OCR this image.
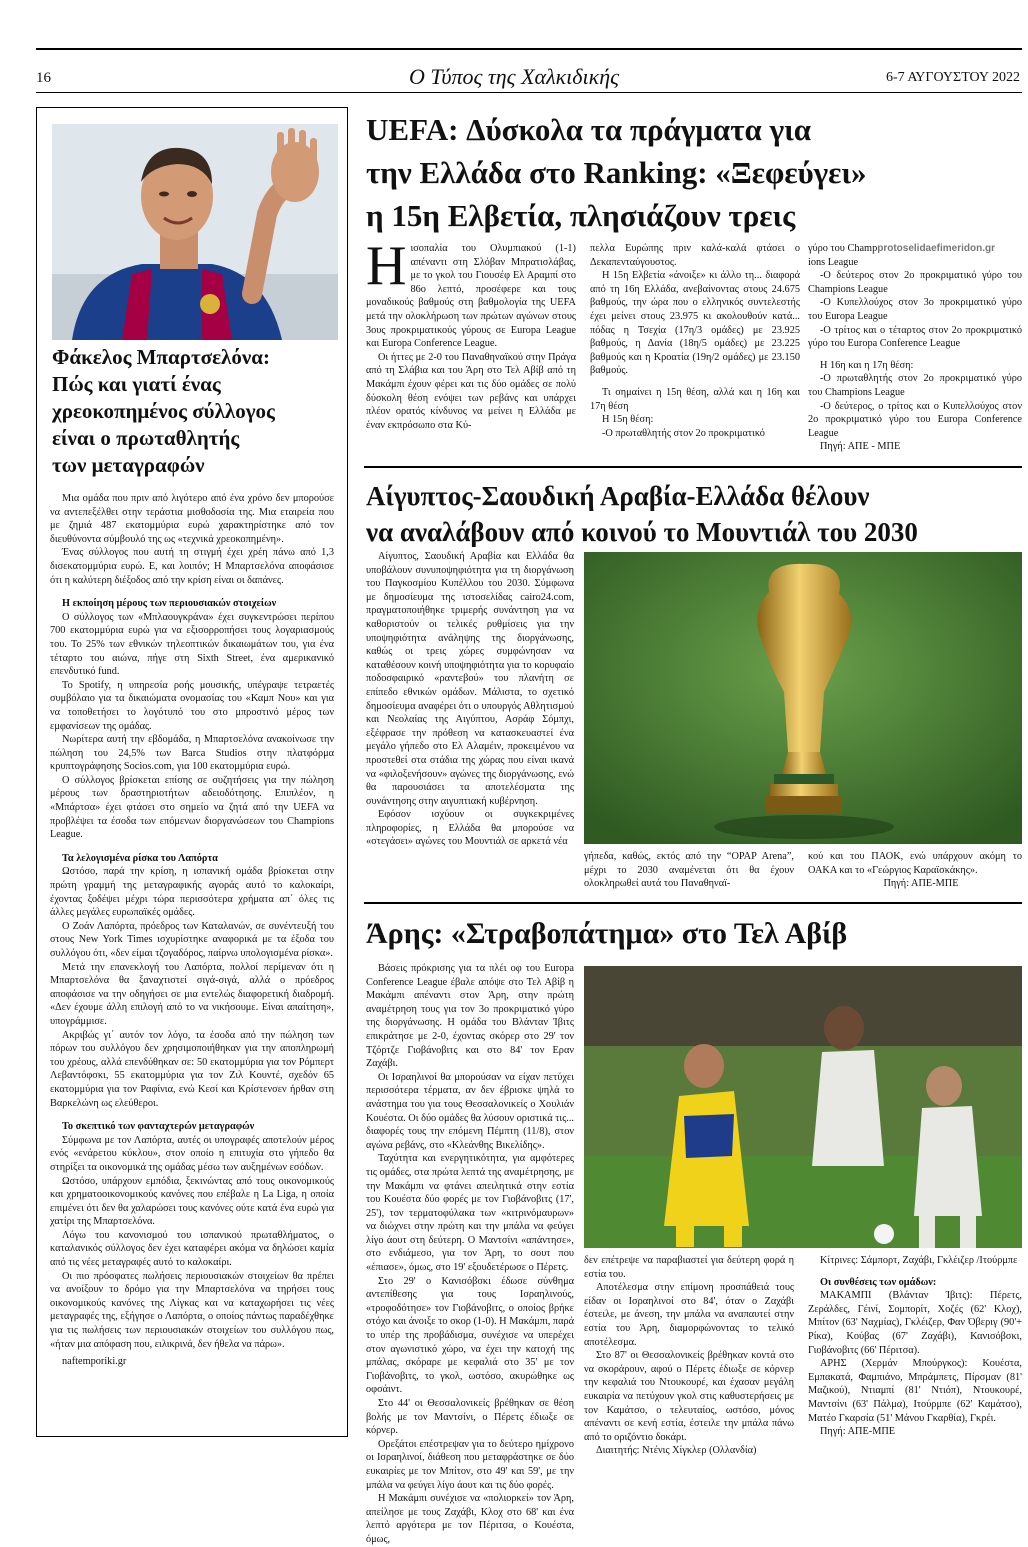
16	Ο Τύπος της Χαλκιδικής	6-7 ΑΥΓΟΥΣΤΟΥ 2022
Φάκελος Μπαρτσελόνα:
Πώς και γιατί ένας
χρεοκοπημένος σύλλογος
είναι ο πρωταθλητής
των μεταγραφών

Μια ομάδα που πριν από λιγότερο από ένα χρόνο δεν μπορούσε να αντεπεξέλθει στην τεράστια μισθοδοσία της. Μια εταιρεία που με ζημιά 487 εκατομμύρια ευρώ χαρακτηρίστηκε από τον διευθύνοντα σύμβουλό της ως «τεχνικά χρεοκοπημένη».

Ένας σύλλογος που αυτή τη στιγμή έχει χρέη πάνω από 1,3 δισεκατομμύρια ευρώ. Ε, και λοιπόν; Η Μπαρτσελόνα αποφάσισε ότι η καλύτερη διέξοδος από την κρίση είναι οι δαπάνες.

Η εκποίηση μέρους των περιουσιακών στοιχείων

Ο σύλλογος των «Μπλαουγκράνα» έχει συγκεντρώσει περίπου 700 εκατομμύρια ευρώ για να εξισορροπήσει τους λογαριασμούς του. Το 25% των εθνικών τηλεοπτικών δικαιωμάτων του, για ένα τέταρτο του αιώνα, πήγε στη Sixth Street, ένα αμερικανικό επενδυτικό fund.

Το Spotify, η υπηρεσία ροής μουσικής, υπέγραψε τετραετές συμβόλαιο για τα δικαιώματα ονομασίας του «Καμπ Νου» και για να τοποθετήσει το λογότυπό του στο μπροστινό μέρος των εμφανίσεων της ομάδας.

Νωρίτερα αυτή την εβδομάδα, η Μπαρτσελόνα ανακοίνωσε την πώληση του 24,5% των Barca Studios στην πλατφόρμα κρυπτογράφησης Socios.com, για 100 εκατομμύρια ευρώ.

Ο σύλλογος βρίσκεται επίσης σε συζητήσεις για την πώληση μέρους των δραστηριοτήτων αδειοδότησης. Επιπλέον, η «Μπάρτσα» έχει φτάσει στο σημείο να ζητά από την UEFA να προβλέψει τα έσοδα των επόμενων διοργανώσεων του Champions League.

Τα λελογισμένα ρίσκα του Λαπόρτα

Ωστόσο, παρά την κρίση, η ισπανική ομάδα βρίσκεται στην πρώτη γραμμή της μεταγραφικής αγοράς αυτό το καλοκαίρι, έχοντας ξοδέψει μέχρι τώρα περισσότερα χρήματα απ΄ όλες τις άλλες μεγάλες ευρωπαϊκές ομάδες.

Ο Ζοάν Λαπόρτα, πρόεδρος των Καταλανών, σε συνέντευξή του στους New York Times ισχυρίστηκε αναφορικά με τα έξοδα του συλλόγου ότι, «δεν είμαι τζογαδόρος, παίρνω υπολογισμένα ρίσκα».

Μετά την επανεκλογή του Λαπόρτα, πολλοί περίμεναν ότι η Μπαρτσελόνα θα ξαναχτιστεί σιγά-σιγά, αλλά ο πρόεδρος αποφάσισε να την οδηγήσει σε μια εντελώς διαφορετική διαδρομή. «Δεν έχουμε άλλη επιλογή από το να νικήσουμε. Είναι απαίτηση», υπογράμμισε.

Ακριβώς γι΄ αυτόν τον λόγο, τα έσοδα από την πώληση των πόρων του συλλόγου δεν χρησιμοποιήθηκαν για την αποπληρωμή του χρέους, αλλά επενδύθηκαν σε: 50 εκατομμύρια για τον Ρόμπερτ Λεβαντόφσκι, 55 εκατομμύρια για τον Ζιλ Κουντέ, σχεδόν 65 εκατομμύρια για τον Ραφίνια, ενώ Κεσί και Κρίστενσεν ήρθαν στη Βαρκελώνη ως ελεύθεροι.

Το σκεπτικό των φανταχτερών μεταγραφών

Σύμφωνα με τον Λαπόρτα, αυτές οι υπογραφές αποτελούν μέρος ενός «ενάρετου κύκλου», στον οποίο η επιτυχία στο γήπεδο θα στηρίξει τα οικονομικά της ομάδας μέσω των αυξημένων εσόδων.

Ωστόσο, υπάρχουν εμπόδια, ξεκινώντας από τους οικονομικούς και χρηματοοικονομικούς κανόνες που επέβαλε η La Liga, η οποία επιμένει ότι δεν θα χαλαρώσει τους κανόνες ούτε κατά ένα ευρώ για χατίρι της Μπαρτσελόνα.

Λόγω του κανονισμού του ισπανικού πρωταθλήματος, ο καταλανικός σύλλογος δεν έχει καταφέρει ακόμα να δηλώσει καμία από τις νέες μεταγραφές αυτό το καλοκαίρι.

Οι πιο πρόσφατες πωλήσεις περιουσιακών στοιχείων θα πρέπει να ανοίξουν το δρόμο για την Μπαρτσελόνα να τηρήσει τους οικονομικούς κανόνες της Λίγκας και να καταχωρήσει τις νέες μεταγραφές της, εξήγησε ο Λαπόρτα, ο οποίος πάντως παραδέχθηκε για τις πωλήσεις των περιουσιακών στοιχείων του συλλόγου πως, «ήταν μια απόφαση που, ειλικρινά, δεν ήθελα να πάρω».

naftemporiki.gr

UEFA: Δύσκολα τα πράγματα για
την Ελλάδα στο Ranking: «Ξεφεύγει»
η 15η Ελβετία, πλησιάζουν τρεις

Ηισοπαλία του Ολυμπιακού (1-1) απέναντι στη Σλόβαν Μπρατισλάβας, με το γκολ του Γιουσέφ Ελ Αραμπί στο 86ο λεπτό, προσέφερε και τους μοναδικούς βαθμούς στη βαθμολογία της UEFA μετά την ολοκλήρωση των πρώτων αγώνων στους 3ους προκριματικούς γύρους σε Europa League και Europa Conference League.

Οι ήττες με 2-0 του Παναθηναϊκού στην Πράγα από τη Σλάβια και του Άρη στο Τελ Αβίβ από τη Μακάμπι έχουν φέρει και τις δύο ομάδες σε πολύ δύσκολη θέση ενόψει των ρεβάνς και υπάρχει πλέον ορατός κίνδυνος να μείνει η Ελλάδα με έναν εκπρόσωπο στα Κύ-

πελλα Ευρώπης πριν καλά-καλά φτάσει ο Δεκαπενταύγουστος.

Η 15η Ελβετία «άνοιξε» κι άλλο τη... διαφορά από τη 16η Ελλάδα, ανεβαίνοντας στους 24.675 βαθμούς, την ώρα που ο ελληνικός συντελεστής έχει μείνει στους 23.975 κι ακολουθούν κατά... πόδας η Τσεχία (17η/3 ομάδες) με 23.925 βαθμούς, η Δανία (18η/5 ομάδες) με 23.225 βαθμούς και η Κροατία (19η/2 ομάδες) με 23.150 βαθμούς.

Τι σημαίνει η 15η θέση, αλλά και η 16η και 17η θέση

Η 15η θέση:

-Ο πρωταθλητής στον 2ο προκριματικό

γύρο του Champprotoselidaefimeridon.gr

ions League

-Ο δεύτερος στον 2ο προκριματικό γύρο του Champions League

-Ο Κυπελλούχος στον 3ο προκριματικό γύρο του Europa League

-Ο τρίτος και ο τέταρτος στον 2ο προκριματικό γύρο του Europa Conference League

Η 16η και η 17η θέση:

-Ο πρωταθλητής στον 2ο προκριματικό γύρο του Champions League

-Ο δεύτερος, ο τρίτος και ο Κυπελλούχος στον 2ο προκριματικό γύρο του Europa Conference League

Πηγή: ΑΠΕ - ΜΠΕ

Αίγυπτος-Σαουδική Αραβία-Ελλάδα θέλουν
να αναλάβουν από κοινού το Μουντιάλ του 2030

Αίγυπτος, Σαουδική Αραβία και Ελλάδα θα υποβάλουν συνυποψηφιότητα για τη διοργάνωση του Παγκοσμίου Κυπέλλου του 2030. Σύμφωνα με δημοσίευμα της ιστοσελίδας cairo24.com, πραγματοποιήθηκε τριμερής συνάντηση για να καθοριστούν οι τελικές ρυθμίσεις για την υποψηφιότητα ανάληψης της διοργάνωσης, καθώς οι τρεις χώρες συμφώνησαν να καταθέσουν κοινή υποψηφιότητα για το κορυφαίο ποδοσφαιρικό «ραντεβού» του πλανήτη σε επίπεδο εθνικών ομάδων. Μάλιστα, το σχετικό δημοσίευμα αναφέρει ότι ο υπουργός Αθλητισμού και Νεολαίας της Αιγύπτου, Ασράφ Σόμπχι, εξέφρασε την πρόθεση να κατασκευαστεί ένα μεγάλο γήπεδο στο Ελ Αλαμέιν, προκειμένου να προστεθεί στα στάδια της χώρας που είναι ικανά να «φιλοξενήσουν» αγώνες της διοργάνωσης, ενώ θα παρουσιάσει τα αποτελέσματα της συνάντησης στην αιγυπτιακή κυβέρνηση.

Εφόσον ισχύουν οι συγκεκριμένες πληροφορίες, η Ελλάδα θα μπορούσε να «στεγάσει» αγώνες του Μουντιάλ σε αρκετά νέα

γήπεδα, καθώς, εκτός από την “OPAP Arena”, μέχρι το 2030 αναμένεται ότι θα έχουν ολοκληρωθεί αυτά του Παναθηναϊ-

κού και του ΠΑΟΚ, ενώ υπάρχουν ακόμη το ΟΑΚΑ και το «Γεώργιος Καραϊσκάκης».

Πηγή: ΑΠΕ-ΜΠΕ

Άρης: «Στραβοπάτημα» στο Τελ Αβίβ

Βάσεις πρόκρισης για τα πλέι οφ του Europa Conference League έβαλε απόψε στο Τελ Αβίβ η Μακάμπι απέναντι στον Άρη, στην πρώτη αναμέτρηση τους για τον 3ο προκριματικό γύρο της διοργάνωσης. Η ομάδα του Βλάνταν Ίβιτς επικράτησε με 2-0, έχοντας σκόρερ στο 29' τον Τζόρτζε Γιοβάνοβιτς και στο 84' τον Εραν Ζαχάβι.

Οι Ισραηλινοί θα μπορούσαν να είχαν πετύχει περισσότερα τέρματα, αν δεν έβρισκε ψηλά το ανάστημα του για τους Θεσσαλονικείς ο Χουλιάν Κουέστα. Οι δύο ομάδες θα λύσουν οριστικά τις... διαφορές τους την επόμενη Πέμπτη (11/8), στον αγώνα ρεβάνς, στο «Κλεάνθης Βικελίδης».

Ταχύτητα και ενεργητικότητα, για αμφότερες τις ομάδες, στα πρώτα λεπτά της αναμέτρησης, με την Μακάμπι να φτάνει απειλητικά στην εστία του Κουέστα δύο φορές με τον Γιοβάνοβιτς (17', 25'), τον τερματοφύλακα των «κιτρινόμαυρων» να διώχνει στην πρώτη και την μπάλα να φεύγει λίγο άουτ στη δεύτερη. Ο Μαντσίνι «απάντησε», στο ενδιάμεσο, για τον Άρη, το σουτ που «έπιασε», όμως, στο 19' εξουδετέρωσε ο Πέρετς.

Στο 29' ο Κανισόβσκι έδωσε σύνθημα αντεπίθεσης για τους Ισραηλινούς, «τροφοδότησε» τον Γιοβάνοβιτς, ο οποίος βρήκε στόχο και άνοιξε το σκορ (1-0). Η Μακάμπι, παρά το υπέρ της προβάδισμα, συνέχισε να υπερέχει στον αγωνιστικό χώρο, να έχει την κατοχή της μπάλας, σκόραρε με κεφαλιά στο 35' με τον Γιοβάνοβιτς, το γκολ, ωστόσο, ακυρώθηκε ως οφσάιντ.

Στο 44' οι Θεσσαλονικείς βρέθηκαν σε θέση βολής με τον Μαντσίνι, ο Πέρετς έδιωξε σε κόρνερ.

Ορεξάτοι επέστρεψαν για το δεύτερο ημίχρονο οι Ισραηλινοί, διάθεση που μεταφράστηκε σε δύο ευκαιρίες με τον Μπίτον, στο 49' και 59', με την μπάλα να φεύγει λίγο άουτ και τις δύο φορές.

Η Μακάμπι συνέχισε να «πολιορκεί» τον Άρη, απείλησε με τους Ζαχάβι, Κλοχ στο 68' και ένα λεπτό αργότερα με τον Πέριτσα, ο Κουέστα, όμως,

δεν επέτρεψε να παραβιαστεί για δεύτερη φορά η εστία του.

Αποτέλεσμα στην επίμονη προσπάθειά τους είδαν οι Ισραηλινοί στο 84', όταν ο Ζαχάβι έστειλε, με άνεση, την μπάλα να αναπαυτεί στην εστία του Άρη, διαμορφώνοντας το τελικό αποτέλεσμα.

Στο 87' οι Θεσσαλονικείς βρέθηκαν κοντά στο να σκοράρουν, αφού ο Πέρετς έδιωξε σε κόρνερ την κεφαλιά του Ντουκουρέ, και έχασαν μεγάλη ευκαιρία να πετύχουν γκολ στις καθυστερήσεις με τον Καμάτσο, ο τελευταίος, ωστόσο, μόνος απέναντι σε κενή εστία, έστειλε την μπάλα πάνω από το οριζόντιο δοκάρι.

Διαιτητής: Ντένις Χίγκλερ (Ολλανδία)

Κίτρινες: Σάμπορτ, Ζαχάβι, Γκλέιζερ /Ιτούρμπε

Οι συνθέσεις των ομάδων:

ΜΑΚΑΜΠΙ (Βλάνταν Ίβιτς): Πέρετς, Ζεράλδες, Γέινί, Σομπορίτ, Χοζές (62' Κλοχ), Μπίτον (63' Ναχμίας), Γκλέιζερ, Φαν Όβεριγ (90'+ Ρίκα), Κούβας (67' Ζαχάβι), Κανισόβσκι, Γιοβάνοβιτς (66' Πέριτσα).

ΑΡΗΣ (Χερμάν Μπούργκος): Κουέστα, Εμπακατά, Φαμπιάνο, Μπράμπετς, Πίρσμαν (81' Μαζικού), Ντιαμπί (81' Ντιόπ), Ντουκουρέ, Μαντσίνι (63' Πάλμα), Ιτούρμπε (62' Καμάτσο), Ματέο Γκαρσία (51' Μάνου Γκαρθία), Γκρέι.

Πηγή: ΑΠΕ-ΜΠΕ
